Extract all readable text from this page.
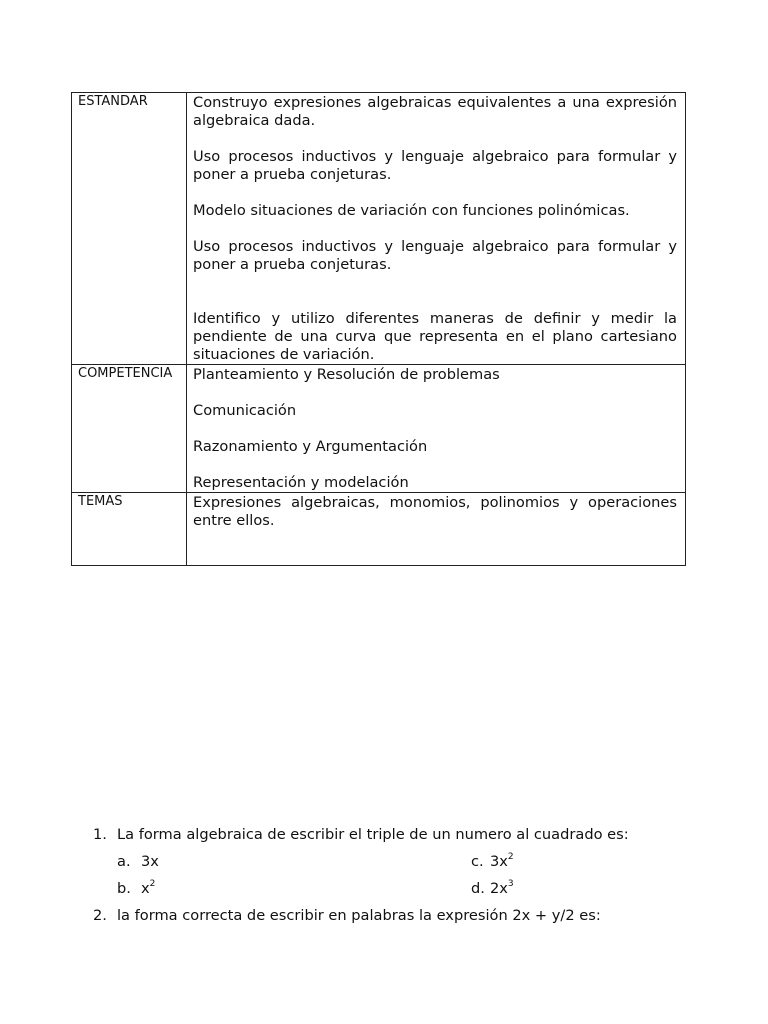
ESTANDAR	Construyo expresiones algebraicas equivalentes a una expresión algebraica dada.

Uso procesos inductivos y lenguaje algebraico para formular y poner a prueba conjeturas.

Modelo situaciones de variación con funciones polinómicas.

Uso procesos inductivos y lenguaje algebraico para formular y poner a prueba conjeturas.

Identifico y utilizo diferentes maneras de definir y medir la pendiente de una curva que representa en el plano cartesiano situaciones de variación.

COMPETENCIA	Planteamiento y Resolución de problemas

Comunicación

Razonamiento y Argumentación

Representación y modelación

TEMAS	Expresiones algebraicas, monomios, polinomios y operaciones entre ellos.

1. La forma algebraica de escribir el triple de un numero al cuadrado es:
a. 3x	c. $3x^2$
b. $x^2$	d. $2x^3$
2. la forma correcta de escribir en palabras la expresión 2x + y/2 es:
